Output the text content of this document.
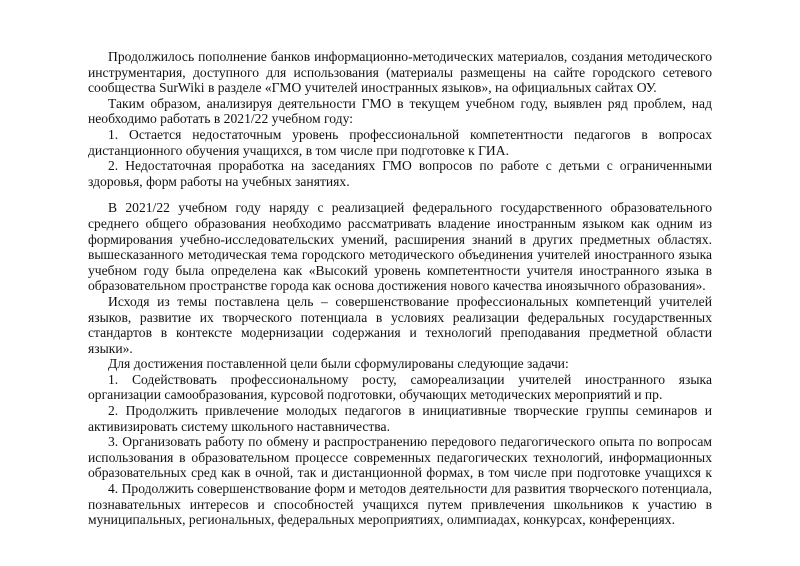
Продолжилось пополнение банков информационно-методических материалов, создания методического
инструментария, доступного для использования (материалы размещены на сайте городского сетевого
сообщества SurWiki в разделе «ГМО учителей иностранных языков», на официальных сайтах ОУ.
Таким образом, анализируя деятельности ГМО в текущем учебном году, выявлен ряд проблем, над
необходимо работать в 2021/22 учебном году:
1. Остается недостаточным уровень профессиональной компетентности педагогов в вопросах
дистанционного обучения учащихся, в том числе при подготовке к ГИА.
2. Недостаточная проработка на заседаниях ГМО вопросов по работе с детьми с ограниченными
здоровья, форм работы на учебных занятиях.
В 2021/22 учебном году наряду с реализацией федерального государственного образовательного
среднего общего образования необходимо рассматривать владение иностранным языком как одним из
формирования учебно-исследовательских умений, расширения знаний в других предметных областях.
вышесказанного методическая тема городского методического объединения учителей иностранного языка
учебном году была определена как «Высокий уровень компетентности учителя иностранного языка в
образовательном пространстве города как основа достижения нового качества иноязычного образования».
Исходя из темы поставлена цель – совершенствование профессиональных компетенций учителей
языков, развитие их творческого потенциала в условиях реализации федеральных государственных
стандартов в контексте модернизации содержания и технологий преподавания предметной области
языки».
Для достижения поставленной цели были сформулированы следующие задачи:
1. Содействовать профессиональному росту, самореализации учителей иностранного языка
организации самообразования, курсовой подготовки, обучающих методических мероприятий и пр.
2. Продолжить привлечение молодых педагогов в инициативные творческие группы семинаров и
активизировать систему школьного наставничества.
3. Организовать работу по обмену и распространению передового педагогического опыта по вопросам
использования в образовательном процессе современных педагогических технологий, информационных
образовательных сред как в очной, так и дистанционной формах, в том числе при подготовке учащихся к
4. Продолжить совершенствование форм и методов деятельности для развития творческого потенциала,
познавательных интересов и способностей учащихся путем привлечения школьников к участию в
муниципальных, региональных, федеральных мероприятиях, олимпиадах, конкурсах, конференциях.
